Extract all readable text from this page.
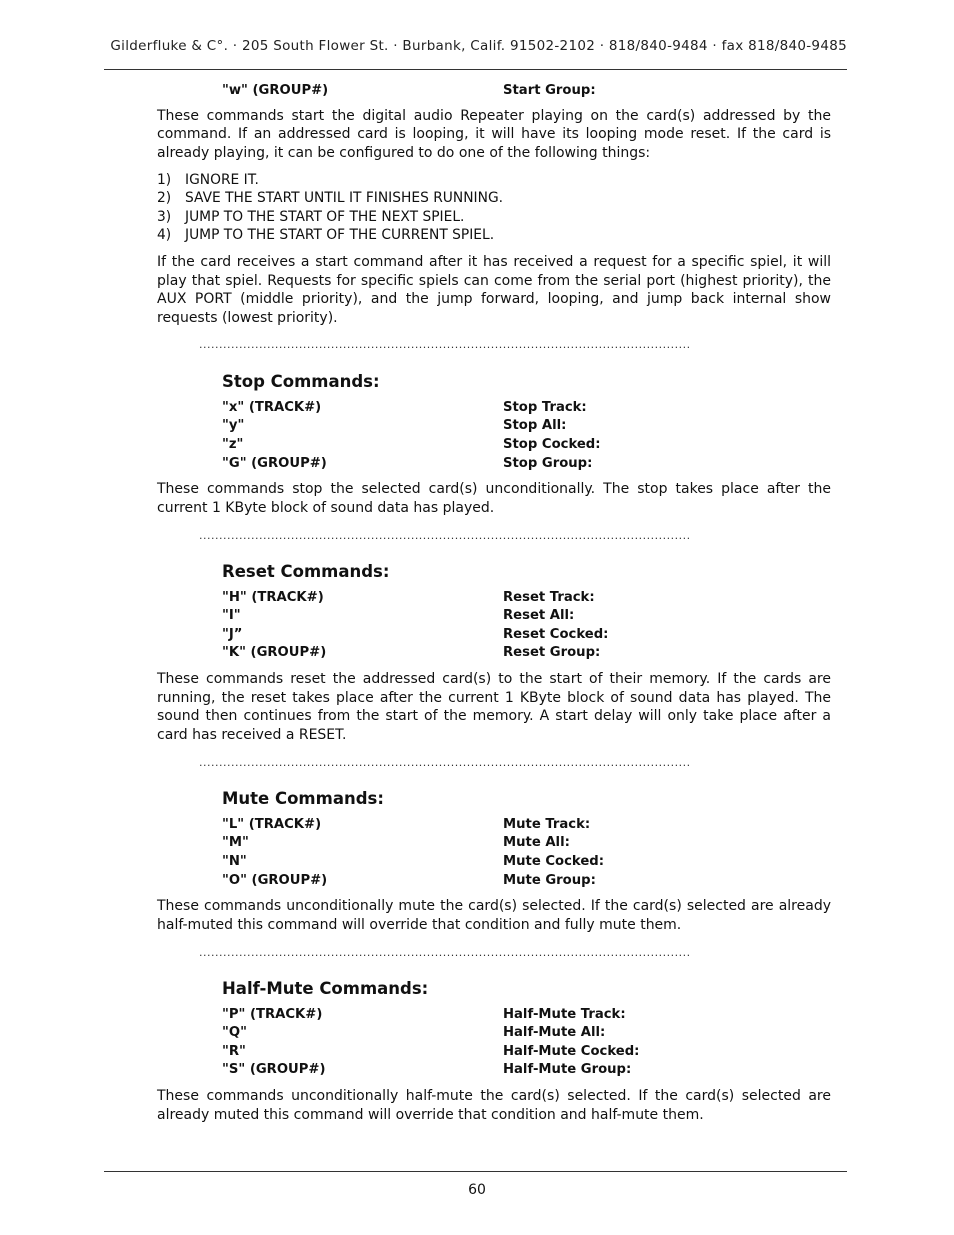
Gilderfluke & C°. · 205 South Flower St. · Burbank, Calif. 91502-2102 · 818/840-9484 · fax 818/840-9485
"w" (GROUP#)	Start Group:

These commands start the digital audio Repeater playing on the card(s) addressed by the command. If an addressed card is looping, it will have its looping mode reset. If the card is already playing, it can be configured to do one of the following things:

1) IGNORE IT.
2) SAVE THE START UNTIL IT FINISHES RUNNING.
3) JUMP TO THE START OF THE NEXT SPIEL.
4) JUMP TO THE START OF THE CURRENT SPIEL.

If the card receives a start command after it has received a request for a specific spiel, it will play that spiel. Requests for specific spiels can come from the serial port (highest priority), the AUX PORT (middle priority), and the jump forward, looping, and jump back internal show requests (lowest priority).

...........................................................................................................................
Stop Commands:
"x" (TRACK#)	Stop Track:
"y"	Stop All:
"z"	Stop Cocked:
"G" (GROUP#)	Stop Group:

These commands stop the selected card(s) unconditionally. The stop takes place after the current 1 KByte block of sound data has played.

...........................................................................................................................
Reset Commands:
"H" (TRACK#)	Reset Track:
"I"	Reset All:
"J”	Reset Cocked:
"K" (GROUP#)	Reset Group:

These commands reset the addressed card(s) to the start of their memory. If the cards are running, the reset takes place after the current 1 KByte block of sound data has played. The sound then continues from the start of the memory. A start delay will only take place after a card has received a RESET.

...........................................................................................................................
Mute Commands:
"L" (TRACK#)	Mute Track:
"M"	Mute All:
"N"	Mute Cocked:
"O" (GROUP#)	Mute Group:

These commands unconditionally mute the card(s) selected. If the card(s) selected are already half-muted this command will override that condition and fully mute them.

...........................................................................................................................
Half-Mute Commands:
"P" (TRACK#)	Half-Mute Track:
"Q"	Half-Mute All:
"R"	Half-Mute Cocked:
"S" (GROUP#)	Half-Mute Group:

These commands unconditionally half-mute the card(s) selected. If the card(s) selected are already muted this command will override that condition and half-mute them.

60
